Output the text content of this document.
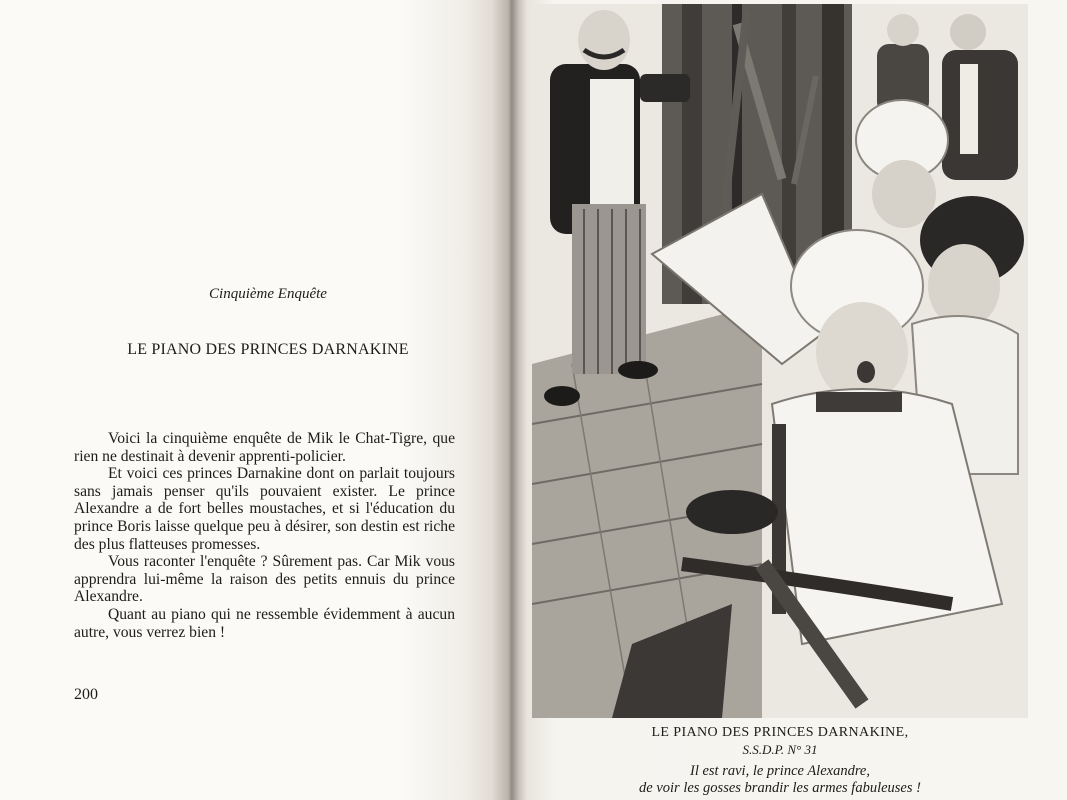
Cinquième Enquête
LE PIANO DES PRINCES DARNAKINE

Voici la cinquième enquête de Mik le Chat-Tigre, que rien ne destinait à devenir apprenti-policier.

Et voici ces princes Darnakine dont on parlait toujours sans jamais penser qu'ils pouvaient exister. Le prince Alexandre a de fort belles moustaches, et si l'éducation du prince Boris laisse quelque peu à désirer, son destin est riche des plus flatteuses promesses.

Vous raconter l'enquête ? Sûrement pas. Car Mik vous apprendra lui-même la raison des petits ennuis du prince Alexandre.

Quant au piano qui ne ressemble évidemment à aucun autre, vous verrez bien !

200
LE PIANO DES PRINCES DARNAKINE,
S.S.D.P. N° 31
Il est ravi, le prince Alexandre,
de voir les gosses brandir les armes fabuleuses !
